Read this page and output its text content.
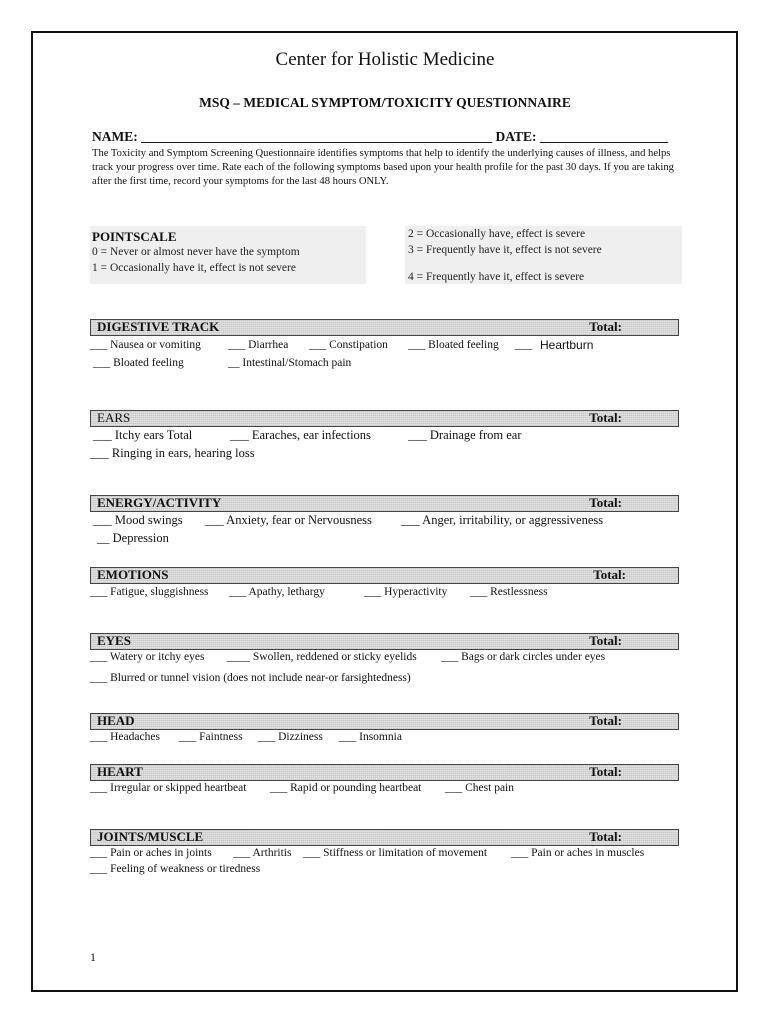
Center for Holistic Medicine
MSQ – MEDICAL SYMPTOM/TOXICITY QUESTIONNAIRE
NAME: ____________________________________________________ DATE: ___________________
The Toxicity and Symptom Screening Questionnaire identifies symptoms that help to identify the underlying causes of illness, and helps track your progress over time. Rate each of the following symptoms based upon your health profile for the past 30 days. If you are taking after the first time, record your symptoms for the last 48 hours ONLY.
POINTSCALE
0 = Never or almost never have the symptom
1 = Occasionally have it, effect is not severe
2 = Occasionally have, effect is severe
3 = Frequently have it, effect is not severe
4 = Frequently have it, effect is severe
DIGESTIVE TRACK	Total:
___ Nausea or vomiting ___ Diarrhea ___ Constipation ___ Bloated feeling ___ Heartburn
___ Bloated feeling	__ Intestinal/Stomach pain
EARS	Total:
___ Itchy ears Total	___ Earaches, ear infections	___ Drainage from ear
___ Ringing in ears, hearing loss
ENERGY/ACTIVITY	Total:
___ Mood swings ___ Anxiety, fear or Nervousness ___ Anger, irritability, or aggressiveness
__ Depression
EMOTIONS	Total:
___ Fatigue, sluggishness ___ Apathy, lethargy	___ Hyperactivity ___ Restlessness
EYES	Total:
___ Watery or itchy eyes ____ Swollen, reddened or sticky eyelids ___ Bags or dark circles under eyes
___ Blurred or tunnel vision (does not include near-or farsightedness)
HEAD	Total:
___ Headaches ___ Faintness ___ Dizziness ___ Insomnia
HEART	Total:
___ Irregular or skipped heartbeat ___ Rapid or pounding heartbeat ___ Chest pain
JOINTS/MUSCLE	Total:
___ Pain or aches in joints ___ Arthritis ___ Stiffness or limitation of movement ___ Pain or aches in muscles
___ Feeling of weakness or tiredness
1
